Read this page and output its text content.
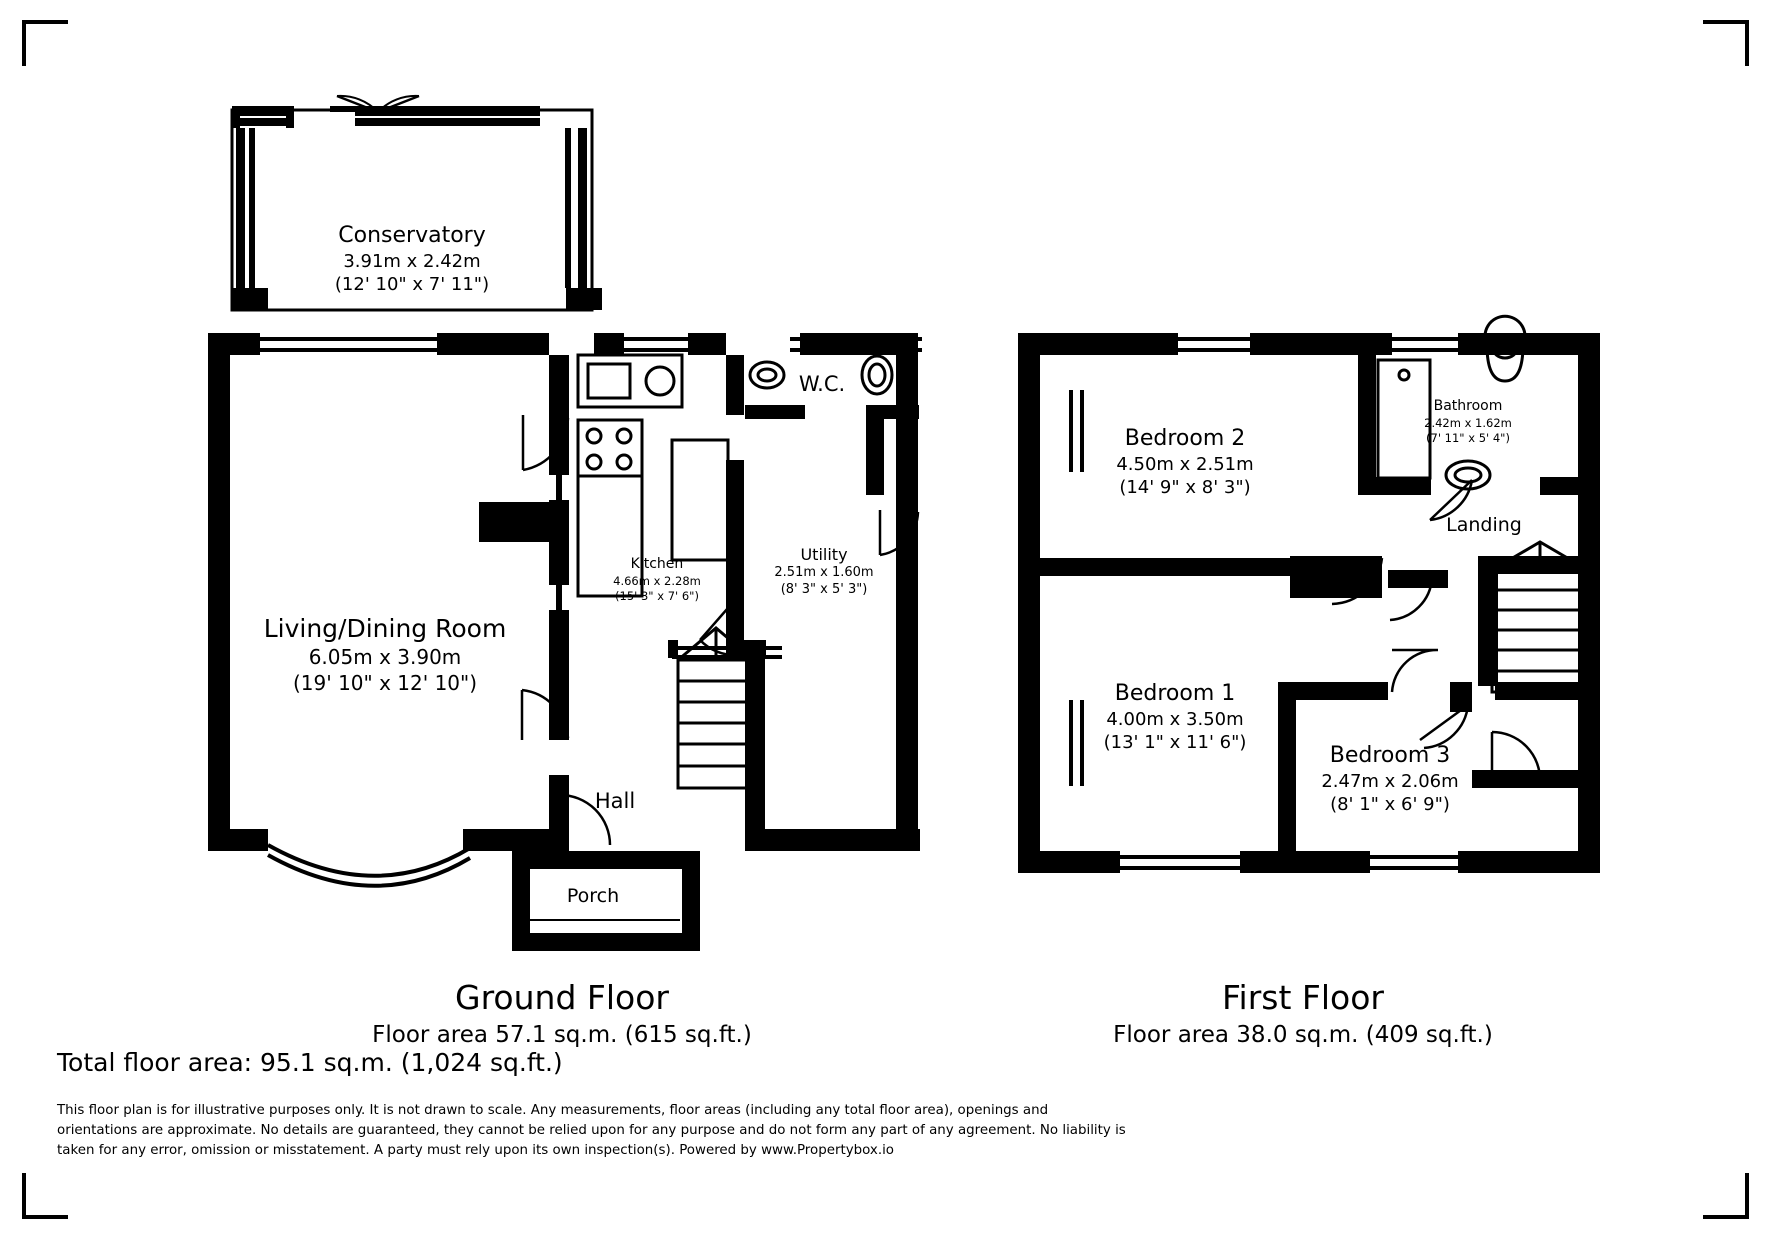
Conservatory
3.91m x 2.42m
(12' 10" x 7' 11")
Living/Dining Room
6.05m x 3.90m
(19' 10" x 12' 10")
Kitchen
4.66m x 2.28m
(15' 3" x 7' 6")
Utility
2.51m x 1.60m
(8' 3" x 5' 3")
W.C.
Hall
Porch
Bedroom 2
4.50m x 2.51m
(14' 9" x 8' 3")
Bedroom 1
4.00m x 3.50m
(13' 1" x 11' 6")
Bedroom 3
2.47m x 2.06m
(8' 1" x 6' 9")
Bathroom
2.42m x 1.62m
(7' 11" x 5' 4")
Landing
Ground Floor
Floor area 57.1 sq.m. (615 sq.ft.)
First Floor
Floor area 38.0 sq.m. (409 sq.ft.)
Total floor area: 95.1 sq.m. (1,024 sq.ft.)
This floor plan is for illustrative purposes only. It is not drawn to scale. Any measurements, floor areas (including any total floor area), openings and orientations are approximate. No details are guaranteed, they cannot be relied upon for any purpose and do not form any part of any agreement. No liability is taken for any error, omission or misstatement. A party must rely upon its own inspection(s). Powered by www.Propertybox.io
